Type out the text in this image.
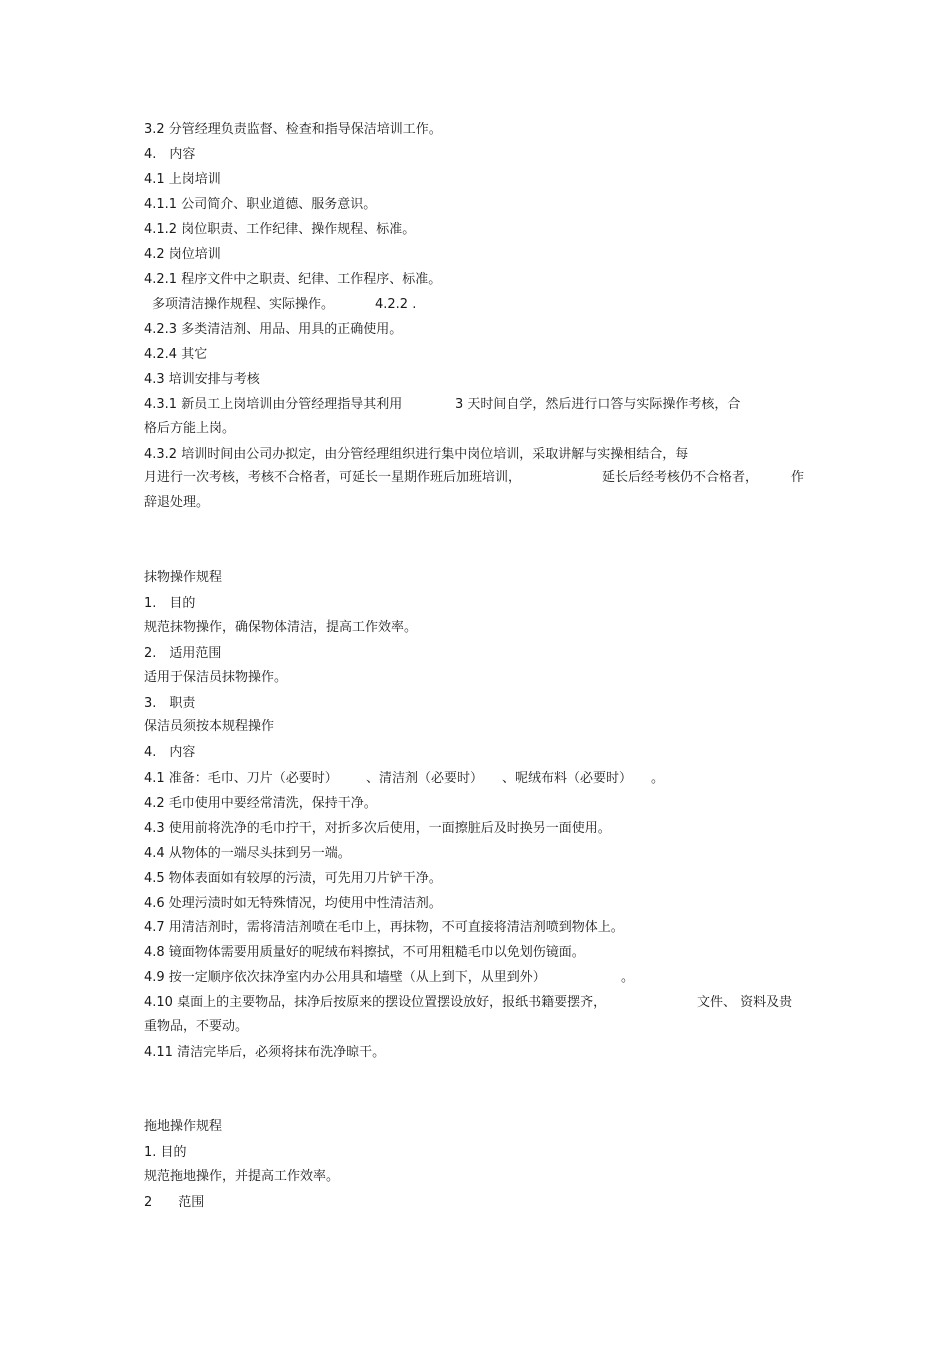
3.2 分管经理负责监督、检查和指导保洁培训工作。
4.　内容
4.1 上岗培训
4.1.1 公司简介、职业道德、服务意识。
4.1.2 岗位职责、工作纪律、操作规程、标准。
4.2 岗位培训
4.2.1 程序文件中之职责、纪律、工作程序、标准。
多项清洁操作规程、实际操作。	4.2.2 .
4.2.3 多类清洁剂、用品、用具的正确使用。
4.2.4 其它
4.3 培训安排与考核
4.3.1 新员工上岗培训由分管经理指导其利用	3 天时间自学，然后进行口答与实际操作考核，合
格后方能上岗。
4.3.2 培训时间由公司办拟定，由分管经理组织进行集中岗位培训，采取讲解与实操相结合，每
月进行一次考核，考核不合格者，可延长一星期作班后加班培训，	延长后经考核仍不合格者，	作
辞退处理。
抹物操作规程
1.　目的
规范抹物操作，确保物体清洁，提高工作效率。
2.　适用范围
适用于保洁员抹物操作。
3.　职责
保洁员须按本规程操作
4.　内容
4.1 准备：毛巾、刀片（必要时） 、清洁剂（必要时） 、呢绒布料（必要时） 。
4.2 毛巾使用中要经常清洗，保持干净。
4.3 使用前将洗净的毛巾拧干，对折多次后使用，一面擦脏后及时换另一面使用。
4.4 从物体的一端尽头抹到另一端。
4.5 物体表面如有较厚的污渍，可先用刀片铲干净。
4.6 处理污渍时如无特殊情况，均使用中性清洁剂。
4.7 用清洁剂时，需将清洁剂喷在毛巾上，再抹物，不可直接将清洁剂喷到物体上。
4.8 镜面物体需要用质量好的呢绒布料擦拭，不可用粗糙毛巾以免划伤镜面。
4.9 按一定顺序依次抹净室内办公用具和墙壁（从上到下，从里到外）	。
4.10 桌面上的主要物品，抹净后按原来的摆设位置摆设放好，报纸书籍要摆齐，	文件、 资料及贵
重物品，不要动。
4.11 清洁完毕后，必须将抹布洗净晾干。
拖地操作规程
1. 目的
规范拖地操作，并提高工作效率。
2　　范围
